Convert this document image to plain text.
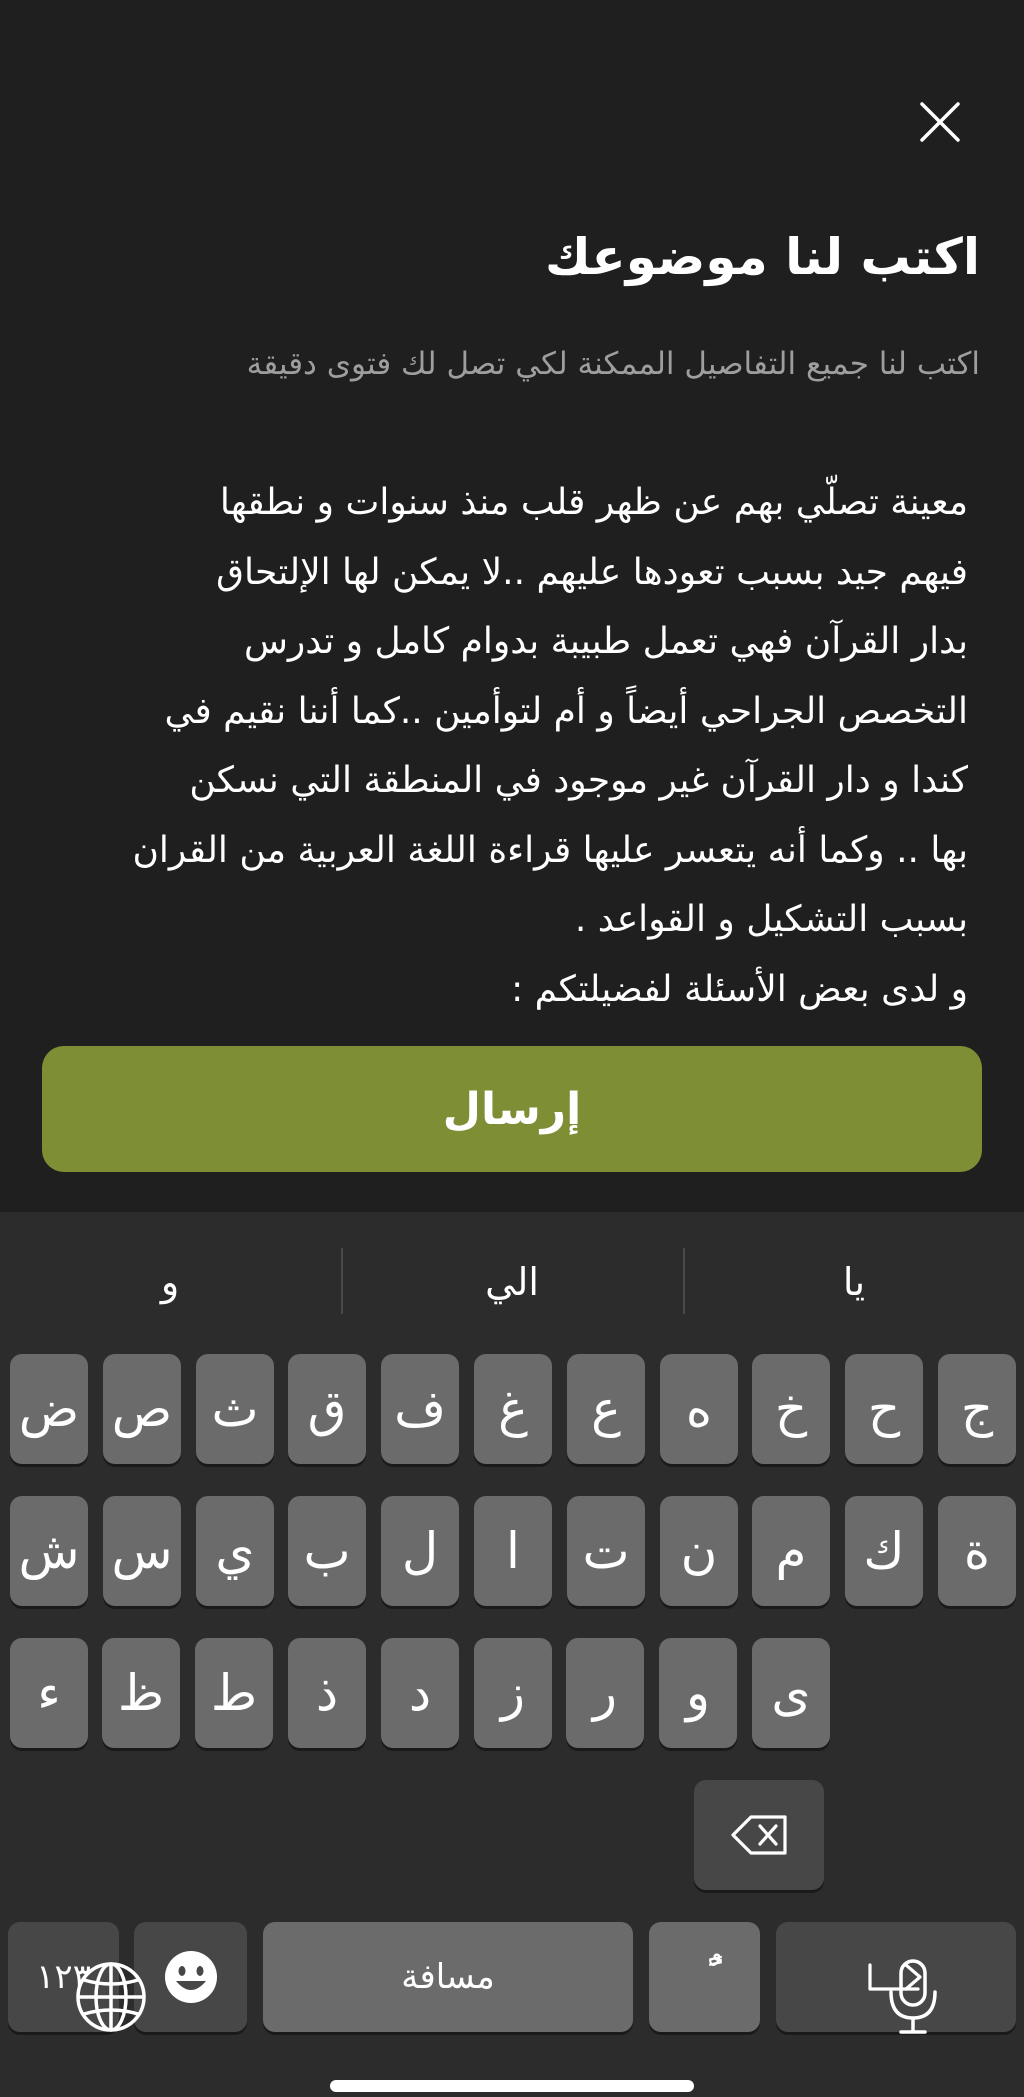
اكتب لنا موضوعك
اكتب لنا جميع التفاصيل الممكنة لكي تصل لك فتوى دقيقة
معينة تصلّي بهم عن ظهر قلب منذ سنوات و نطقها
فيهم جيد بسبب تعودها عليهم ..لا يمكن لها الإلتحاق
بدار القرآن فهي تعمل طبيبة بدوام كامل و تدرس
التخصص الجراحي أيضاً و أم لتوأمين ..كما أننا نقيم في
كندا و دار القرآن غير موجود في المنطقة التي نسكن
بها .. وكما أنه يتعسر عليها قراءة اللغة العربية من القران
بسبب التشكيل و القواعد .
و لدى بعض الأسئلة لفضيلتكم :
إرسال
يا
الي
و
ج
ح
خ
ه
ع
غ
ف
ق
ث
ص
ض
ة
ك
م
ن
ت
ا
ل
ب
ي
س
ش
ى
و
ر
ز
د
ذ
ط
ظ
ء
١٢٣	مسافة
